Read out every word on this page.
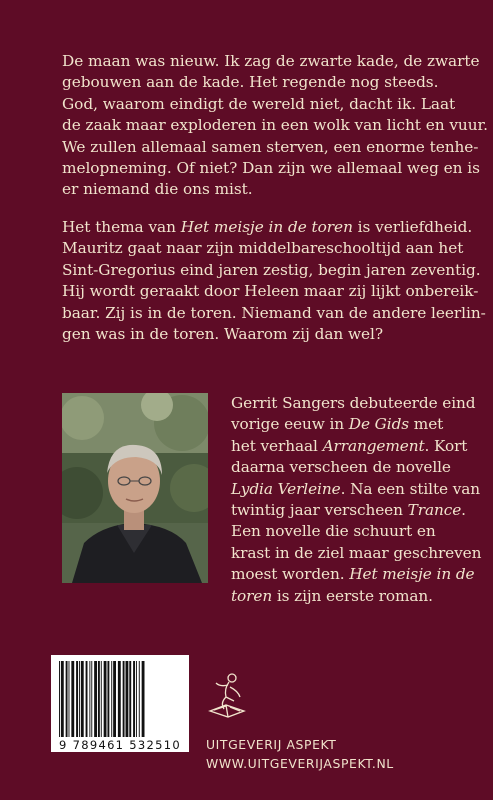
De maan was nieuw. Ik zag de zwarte kade, de zwarte
gebouwen aan de kade. Het regende nog steeds.
God, waarom eindigt de wereld niet, dacht ik. Laat
de zaak maar exploderen in een wolk van licht en vuur.
We zullen allemaal samen sterven, een enorme tenhe-
melopneming. Of niet? Dan zijn we allemaal weg en is
er niemand die ons mist.

Het thema van Het meisje in de toren is verliefdheid.
Mauritz gaat naar zijn middelbareschooltijd aan het
Sint-Gregorius eind jaren zestig, begin jaren zeventig.
Hij wordt geraakt door Heleen maar zij lijkt onbereik-
baar. Zij is in de toren. Niemand van de andere leerlin-
gen was in de toren. Waarom zij dan wel?

Gerrit Sangers debuteerde eind
vorige eeuw in De Gids met
het verhaal Arrangement. Kort
daarna verscheen de novelle
Lydia Verleine. Na een stilte van
twintig jaar verscheen Trance.
Een novelle die schuurt en
krast in de ziel maar geschreven
moest worden. Het meisje in de
toren is zijn eerste roman.

9 789461 532510	UITGEVERIJ ASPEKT
WWW.UITGEVERIJASPEKT.NL
